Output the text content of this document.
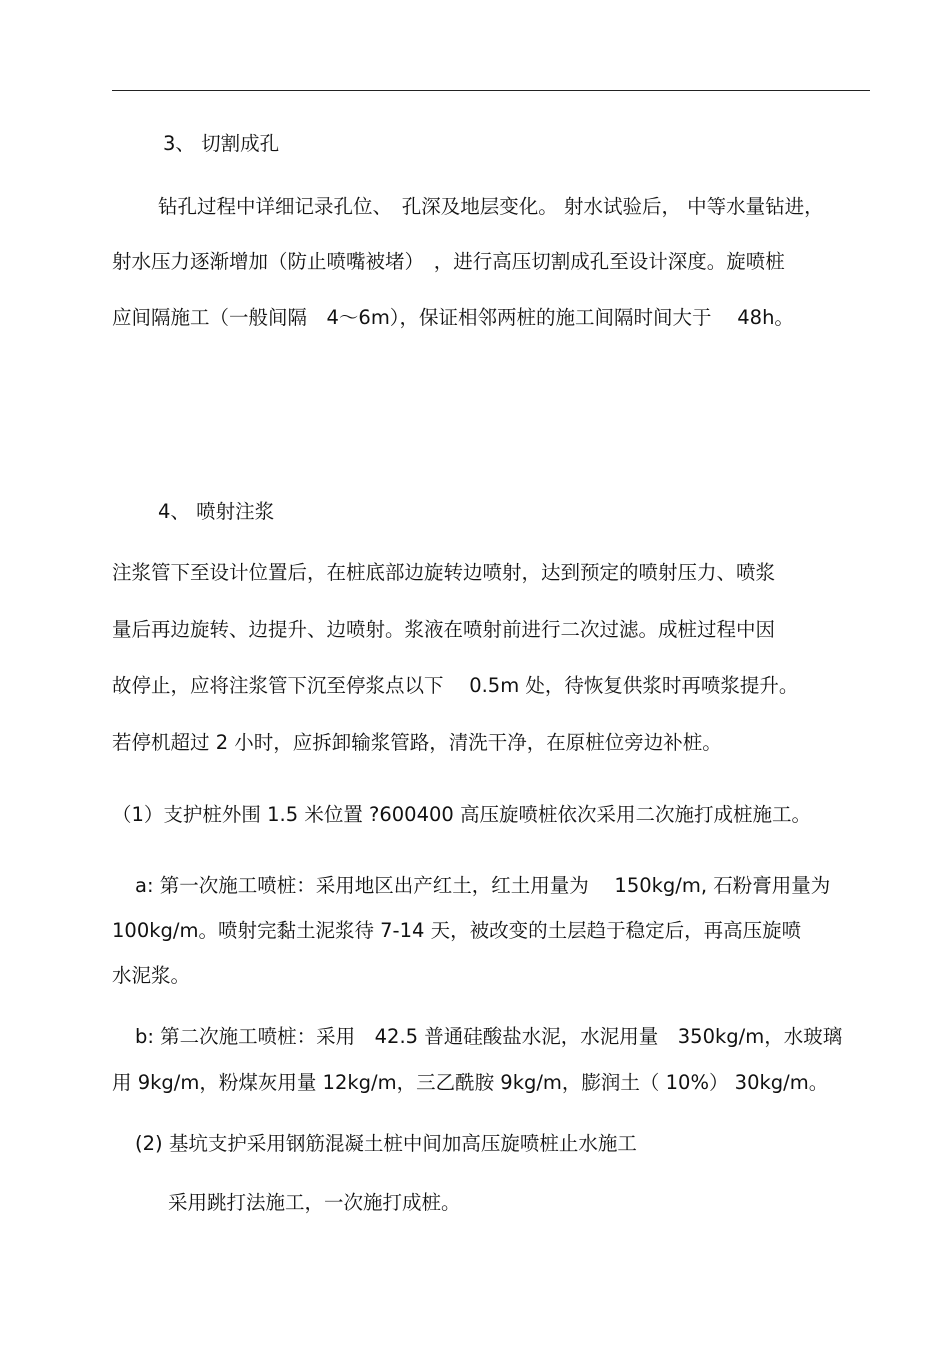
3、 切割成孔
钻孔过程中详细记录孔位、　孔深及地层变化。 射水试验后， 中等水量钻进，
射水压力逐渐增加（防止喷嘴被堵）　，进行高压切割成孔至设计深度。旋喷桩
应间隔施工（一般间隔　4～6m），保证相邻两桩的施工间隔时间大于　 48h。
4、 喷射注浆
注浆管下至设计位置后，在桩底部边旋转边喷射，达到预定的喷射压力、喷浆
量后再边旋转、边提升、边喷射。浆液在喷射前进行二次过滤。成桩过程中因
故停止，应将注浆管下沉至停浆点以下　 0.5m 处，待恢复供浆时再喷浆提升。
若停机超过 2 小时，应拆卸输浆管路，清洗干净，在原桩位旁边补桩。
（1）支护桩外围 1.5 米位置 ?600400 高压旋喷桩依次采用二次施打成桩施工。
a: 第一次施工喷桩：采用地区出产红土，红土用量为　 150kg/m, 石粉膏用量为
100kg/m。喷射完黏土泥浆待 7-14 天，被改变的土层趋于稳定后，再高压旋喷
水泥浆。
b: 第二次施工喷桩：采用　42.5 普通硅酸盐水泥，水泥用量　350kg/m，水玻璃
用 9kg/m，粉煤灰用量 12kg/m，三乙酰胺 9kg/m，膨润土（ 10%） 30kg/m。
(2) 基坑支护采用钢筋混凝土桩中间加高压旋喷桩止水施工
采用跳打法施工，一次施打成桩。
